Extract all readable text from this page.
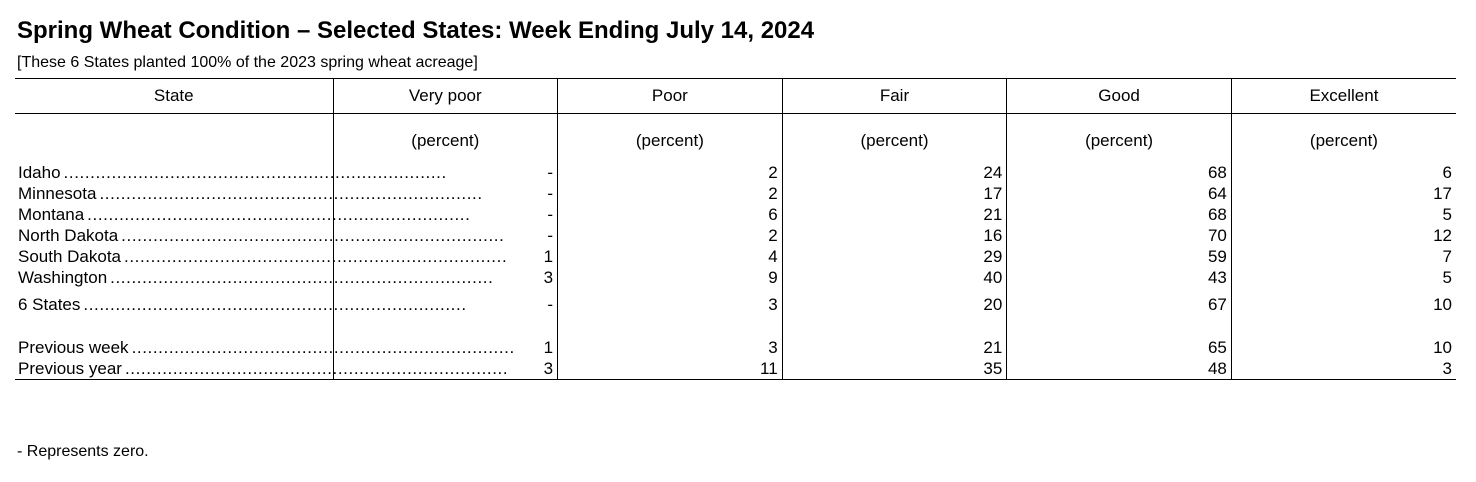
Spring Wheat Condition – Selected States: Week Ending July 14, 2024
[These 6 States planted 100% of the 2023 spring wheat acreage]
State	Very poor	Poor	Fair	Good	Excellent
	(percent)	(percent)	(percent)	(percent)	(percent)

Idaho ........................................................................	-	2	24	68	6

Minnesota ........................................................................	-	2	17	64	17

Montana ........................................................................	-	6	21	68	5

North Dakota ........................................................................	-	2	16	70	12

South Dakota ........................................................................	1	4	29	59	7

Washington ........................................................................	3	9	40	43	5

6 States ........................................................................	-	3	20	67	10

Previous week ........................................................................	1	3	21	65	10

Previous year ........................................................................	3	11	35	48	3
- Represents zero.
